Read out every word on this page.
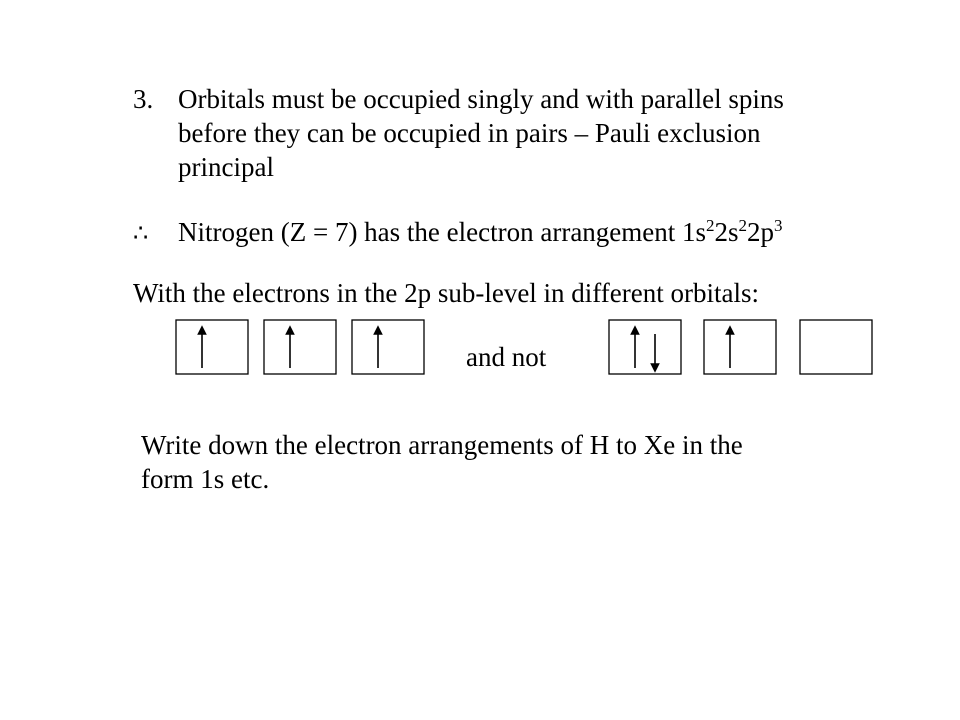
3. Orbitals must be occupied singly and with parallel spins
before they can be occupied in pairs – Pauli exclusion
principal
∴ Nitrogen (Z = 7) has the electron arrangement $1s^22s^22p^3$
With the electrons in the 2p sub-level in different orbitals:
and not
Write down the electron arrangements of H to Xe in the
form 1s etc.
